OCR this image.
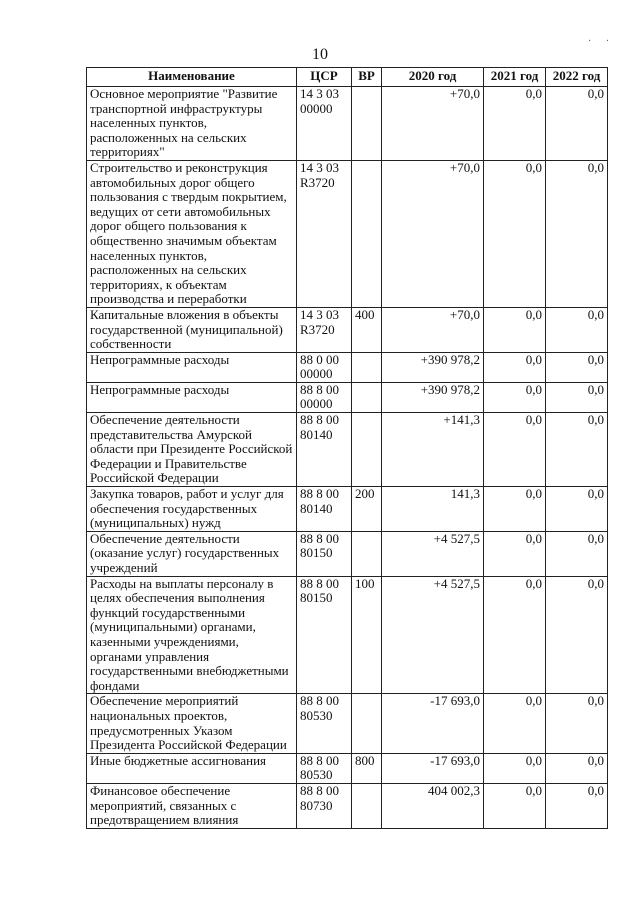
10
· ·
Наименование	ЦСР	ВР	2020 год	2021 год	2022 год
Основное мероприятие "Развитие транспортной инфраструктуры населенных пунктов, расположенных на сельских территориях"	14 3 03 00000		+70,0	0,0	0,0
Строительство и реконструкция автомобильных дорог общего пользования с твердым покрытием, ведущих от сети автомобильных дорог общего пользования к общественно значимым объектам населенных пунктов, расположенных на сельских территориях, к объектам производства и переработки	14 3 03 R3720		+70,0	0,0	0,0
Капитальные вложения в объекты государственной (муниципальной) собственности	14 3 03 R3720	400	+70,0	0,0	0,0
Непрограммные расходы	88 0 00 00000		+390 978,2	0,0	0,0
Непрограммные расходы	88 8 00 00000		+390 978,2	0,0	0,0
Обеспечение деятельности представительства Амурской области при Президенте Российской Федерации и Правительстве Российской Федерации	88 8 00 80140		+141,3	0,0	0,0
Закупка товаров, работ и услуг для обеспечения государственных (муниципальных) нужд	88 8 00 80140	200	141,3	0,0	0,0
Обеспечение деятельности (оказание услуг) государственных учреждений	88 8 00 80150		+4 527,5	0,0	0,0
Расходы на выплаты персоналу в целях обеспечения выполнения функций государственными (муниципальными) органами, казенными учреждениями, органами управления государственными внебюджетными фондами	88 8 00 80150	100	+4 527,5	0,0	0,0
Обеспечение мероприятий национальных проектов, предусмотренных Указом Президента Российской Федерации	88 8 00 80530		-17 693,0	0,0	0,0
Иные бюджетные ассигнования	88 8 00 80530	800	-17 693,0	0,0	0,0
Финансовое обеспечение мероприятий, связанных с предотвращением влияния	88 8 00 80730		404 002,3	0,0	0,0
